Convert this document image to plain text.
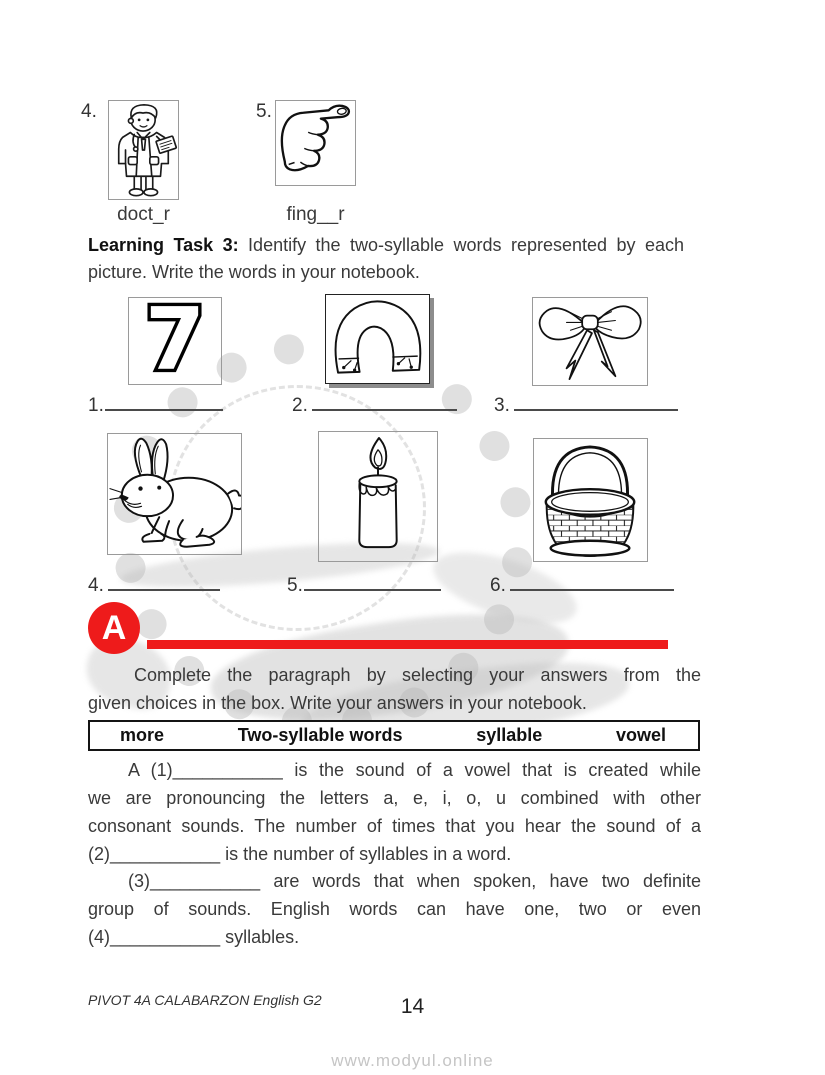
4.
doct_r
5.
fing__r
Learning Task 3: Identify the two-syllable words represented by each
picture. Write the words in your notebook.
7
1.	2.	3.
4.	5.	6.
A
Complete the paragraph by selecting your answers from the
given choices in the box. Write your answers in your notebook.
more	Two-syllable words	syllable	vowel
A (1)___________ is the sound of a vowel that is created while
we are pronouncing the letters a, e, i, o, u combined with other
consonant sounds. The number of times that you hear the sound of a
(2)___________ is the number of syllables in a word.
(3)___________ are words that when spoken, have two definite
group of sounds. English words can have one, two or even
(4)___________ syllables.
PIVOT 4A CALABARZON English G2	14
www.modyul.online
